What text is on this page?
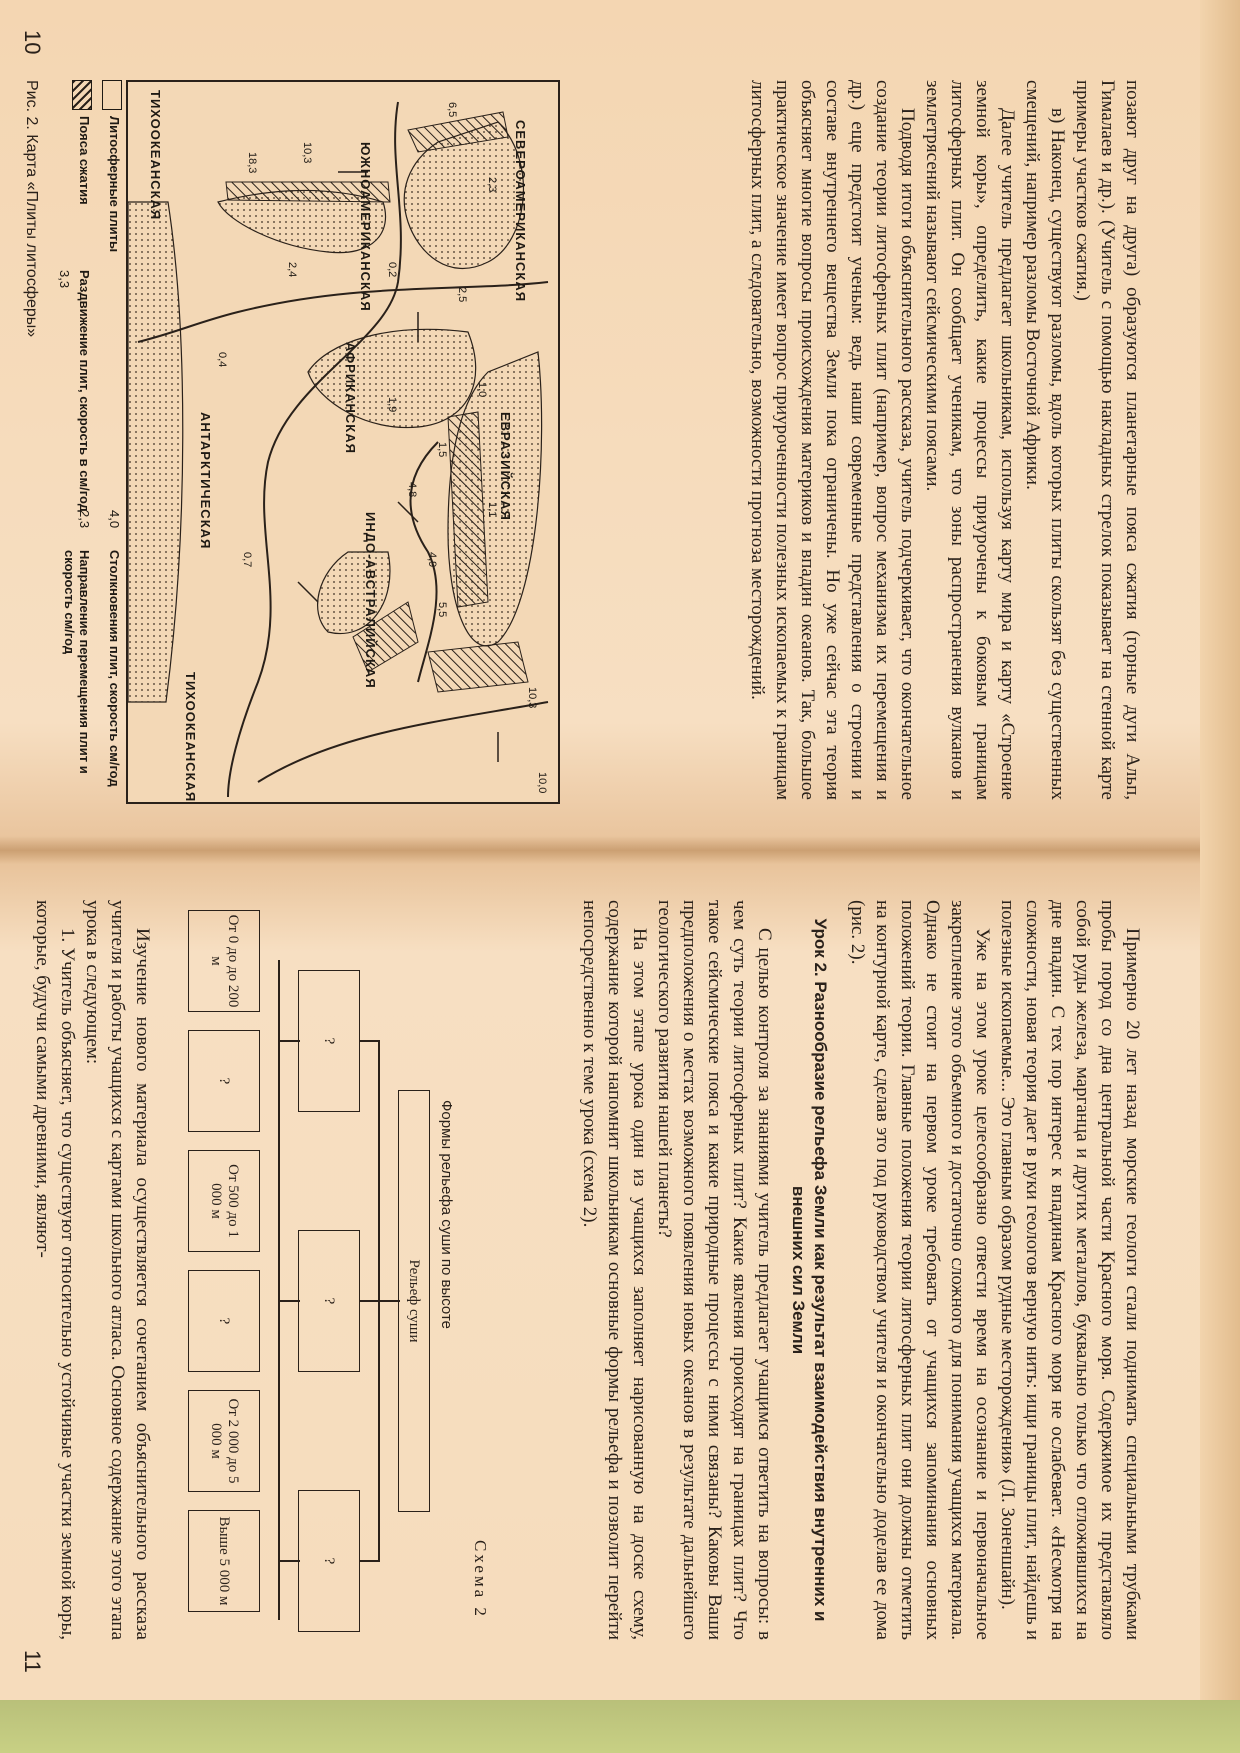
позают друг на друга) образуются планетарные пояса сжатия (горные дуги Альп, Гималаев и др.). (Учитель с помощью накладных стрелок показывает на стенной карте примеры участков сжатия.)

в) Наконец, существуют разломы, вдоль которых плиты скользят без существенных смещений, например разломы Восточной Африки.

Далее учитель предлагает школьникам, используя карту мира и карту «Строение земной коры», определить, какие процессы приурочены к боковым границам литосферных плит. Он сообщает ученикам, что зоны распространения вулканов и землетрясений называют сейсмическими поясами.

Подводя итоги объяснительного рассказа, учитель подчеркивает, что окончательное создание теории литосферных плит (например, вопрос механизма их перемещения и др.) еще предстоит ученым: ведь наши современные представления о строении и составе внутреннего вещества Земли пока ограничены. Но уже сейчас эта теория объясняет многие вопросы происхождения материков и впадин океанов. Так, большое практическое значение имеет вопрос приуроченности полезных ископаемых к границам литосферных плит, а следовательно, возможности прогноза месторождений.

СЕВЕРОАМЕРИКАНСКАЯ
ЮЖНОАМЕРИКАНСКАЯ
АФРИКАНСКАЯ
ЕВРАЗИЙСКАЯ
ИНДО-АВСТРАЛИЙСКАЯ
АНТАРКТИЧЕСКАЯ
ТИХООКЕАНСКАЯ
ТИХООКЕАНСКАЯ
6,5
2,3
2,5
0,2
2,4
10,3
18,3
4,8
0,4
1,0
1,1
1,9
1,5
4,9
5,5
0,7
10,3
10,0
Литосферные плиты
Пояса сжатия
Раздвижение плит, скорость в см/год
3,3
Столкновения плит, скорость см/год
4,0
Направление перемещения плит и скорость см/год
2,3
Рис. 2. Карта «Плиты литосферы»
10

Примерно 20 лет назад морские геологи стали поднимать специальными трубками пробы пород со дна центральной части Красного моря. Содержимое их представляло собой руды железа, марганца и других металлов, буквально только что отложившихся на дне впадин. С тех пор интерес к впадинам Красного моря не ослабевает. «Несмотря на сложности, новая теория дает в руки геологов верную нить: ищи границы плит, найдешь и полезные ископаемые... Это главным образом рудные месторождения» (Л. Зоненшайн).

Уже на этом уроке целесообразно отвести время на осознание и первоначальное закрепление этого объемного и достаточно сложного для понимания учащихся материала. Однако не стоит на первом уроке требовать от учащихся запоминания основных положений теории. Главные положения теории литосферных плит они должны отметить на контурной карте, сделав это под руководством учителя и окончательно доделав ее дома (рис. 2).

Урок 2. Разнообразие рельефа Земли как результат взаимодействия внутренних и внешних сил Земли

С целью контроля за знаниями учитель предлагает учащимся ответить на вопросы: в чем суть теории литосферных плит? Какие явления происходят на границах плит? Что такое сейсмические пояса и какие природные процессы с ними связаны? Каковы Ваши предположения о местах возможного появления новых океанов в результате дальнейшего геологического развития нашей планеты?

На этом этапе урока один из учащихся заполняет нарисованную на доске схему, содержание которой напомнит школьникам основные формы рельефа и позволит перейти непосредственно к теме урока (схема 2).

Схема 2
Формы рельефа суши по высоте
Рельеф суши
?
?
?
От 0 до до 200 м
?
От 500 до 1 000 м
?
От 2 000 до 5 000 м
Выше 5 000 м

Изучение нового материала осуществляется сочетанием объяснительного рассказа учителя и работы учащихся с картами школьного атласа. Основное содержание этого этапа урока в следующем:

1. Учитель объясняет, что существуют относительно устойчивые участки земной коры, которые, будучи самыми древними, являют-

11
